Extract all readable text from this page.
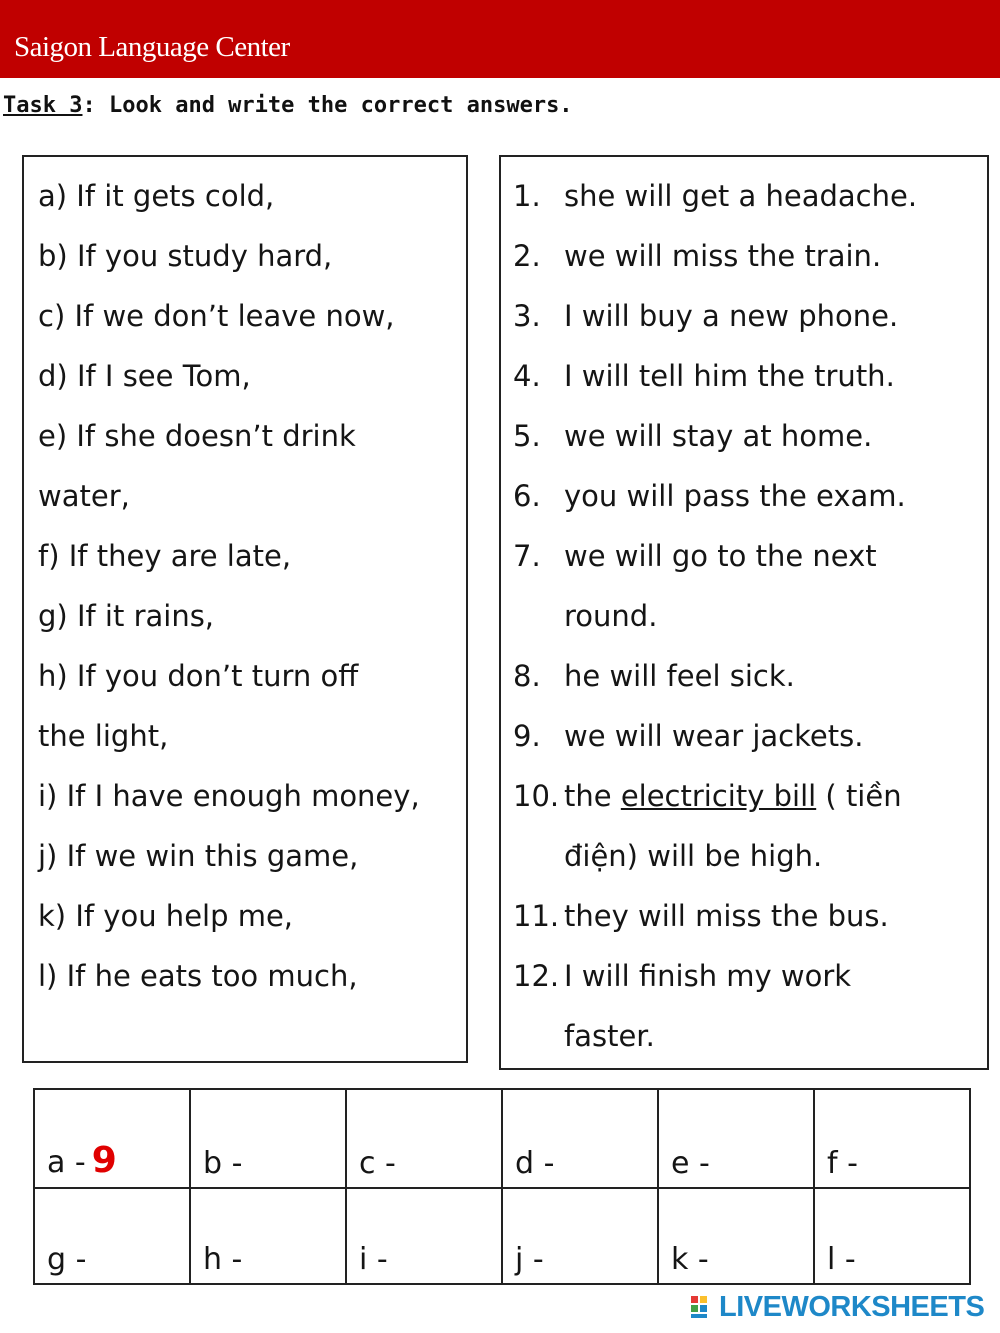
Saigon Language Center
Task 3: Look and write the correct answers.
a) If it gets cold,
b) If you study hard,
c) If we don’t leave now,
d) If I see Tom,
e) If she doesn’t drink
water,
f) If they are late,
g) If it rains,
h) If you don’t turn off
the light,
i) If I have enough money,
j) If we win this game,
k) If you help me,
l) If he eats too much,
1. she will get a headache.
2. we will miss the train.
3. I will buy a new phone.
4. I will tell him the truth.
5. we will stay at home.
6. you will pass the exam.
7. we will go to the next
round.
8. he will feel sick.
9. we will wear jackets.
10. the electricity bill ( tiền
điện) will be high.
11. they will miss the bus.
12. I will finish my work
faster.
a - 9	b -	c -	d -	e -	f -
g -	h -	i -	j -	k -	l -
LIVEWORKSHEETS
